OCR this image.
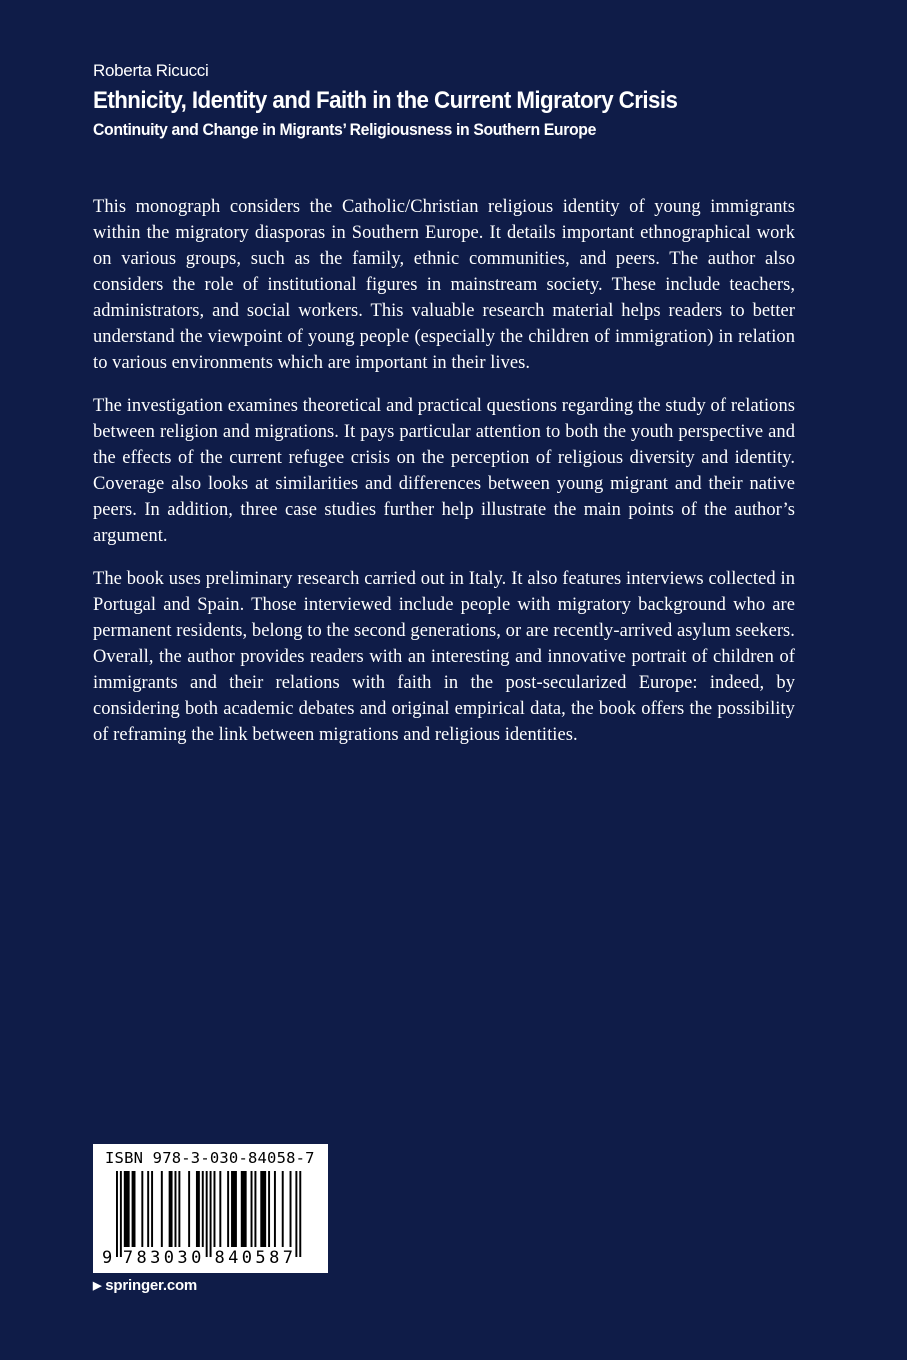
Roberta Ricucci

Ethnicity, Identity and Faith in the Current Migratory Crisis
Continuity and Change in Migrants’ Religiousness in Southern Europe

This monograph considers the Catholic/Christian religious identity of young immigrants within the migratory diasporas in Southern Europe. It details important ethnographical work on various groups, such as the family, ethnic communities, and peers. The author also considers the role of institutional figures in mainstream society. These include teachers, administrators, and social workers. This valuable research material helps readers to better understand the viewpoint of young people (especially the children of immigration) in relation to various environments which are important in their lives.

The investigation examines theoretical and practical questions regarding the study of relations between religion and migrations. It pays particular attention to both the youth perspective and the effects of the current refugee crisis on the perception of religious diversity and identity. Coverage also looks at similarities and differences between young migrant and their native peers. In addition, three case studies further help illustrate the main points of the author’s argument.

The book uses preliminary research carried out in Italy. It also features interviews collected in Portugal and Spain. Those interviewed include people with migratory background who are permanent residents, belong to the second generations, or are recently-arrived asylum seekers. Overall, the author provides readers with an interesting and innovative portrait of children of immigrants and their relations with faith in the post-secularized Europe: indeed, by considering both academic debates and original empirical data, the book offers the possibility of reframing the link between migrations and religious identities.

ISBN 978-3-030-84058-7
9 7 8 3 0 3 0 8 4 0 5 8 7
▶ springer.com
